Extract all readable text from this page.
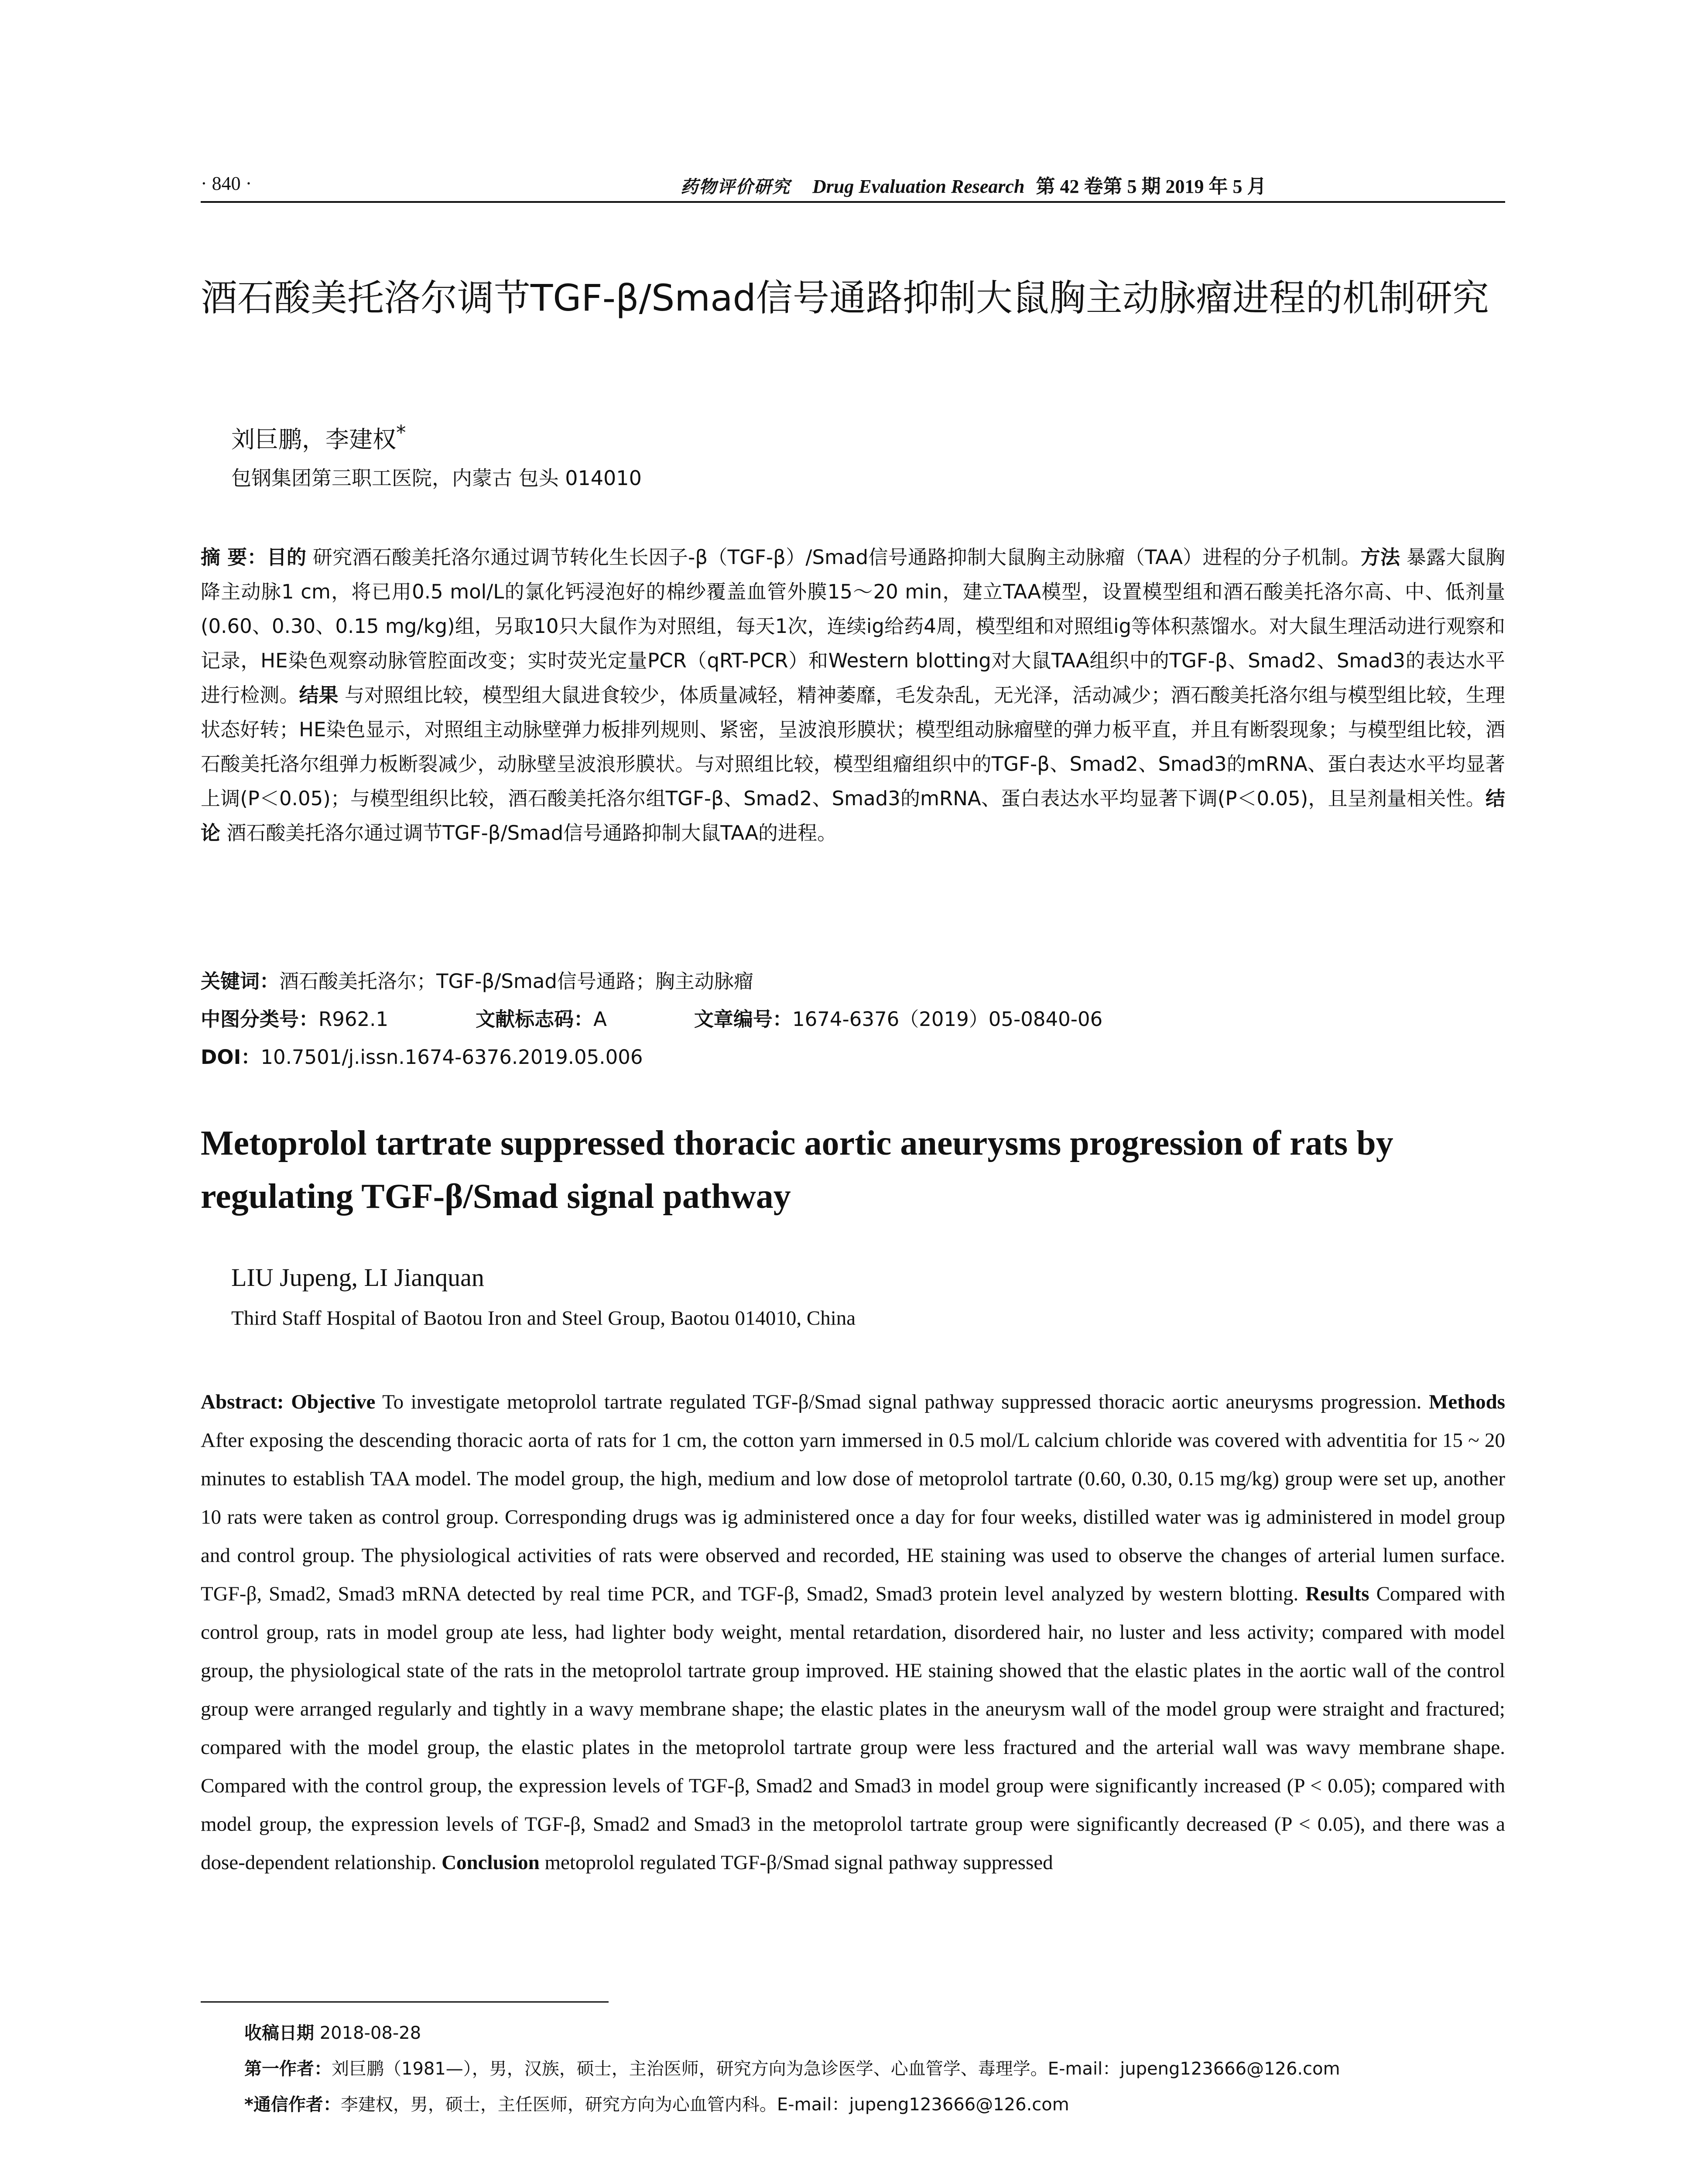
· 840 ·	药物评价研究 Drug Evaluation Research 第 42 卷第 5 期 2019 年 5 月
酒石酸美托洛尔调节TGF-β/Smad信号通路抑制大鼠胸主动脉瘤进程的机制研究
刘巨鹏，李建权*
包钢集团第三职工医院，内蒙古 包头 014010
摘 要：目的 研究酒石酸美托洛尔通过调节转化生长因子-β（TGF-β）/Smad信号通路抑制大鼠胸主动脉瘤（TAA）进程的分子机制。方法 暴露大鼠胸降主动脉1 cm，将已用0.5 mol/L的氯化钙浸泡好的棉纱覆盖血管外膜15～20 min，建立TAA模型，设置模型组和酒石酸美托洛尔高、中、低剂量(0.60、0.30、0.15 mg/kg)组，另取10只大鼠作为对照组，每天1次，连续ig给药4周，模型组和对照组ig等体积蒸馏水。对大鼠生理活动进行观察和记录，HE染色观察动脉管腔面改变；实时荧光定量PCR（qRT-PCR）和Western blotting对大鼠TAA组织中的TGF-β、Smad2、Smad3的表达水平进行检测。结果 与对照组比较，模型组大鼠进食较少，体质量减轻，精神萎靡，毛发杂乱，无光泽，活动减少；酒石酸美托洛尔组与模型组比较，生理状态好转；HE染色显示，对照组主动脉壁弹力板排列规则、紧密，呈波浪形膜状；模型组动脉瘤壁的弹力板平直，并且有断裂现象；与模型组比较，酒石酸美托洛尔组弹力板断裂减少，动脉壁呈波浪形膜状。与对照组比较，模型组瘤组织中的TGF-β、Smad2、Smad3的mRNA、蛋白表达水平均显著上调(P＜0.05)；与模型组织比较，酒石酸美托洛尔组TGF-β、Smad2、Smad3的mRNA、蛋白表达水平均显著下调(P＜0.05)，且呈剂量相关性。结论 酒石酸美托洛尔通过调节TGF-β/Smad信号通路抑制大鼠TAA的进程。
关键词：酒石酸美托洛尔；TGF-β/Smad信号通路；胸主动脉瘤
中图分类号：R962.1	文献标志码：A	文章编号：1674-6376（2019）05-0840-06
DOI：10.7501/j.issn.1674-6376.2019.05.006
Metoprolol tartrate suppressed thoracic aortic aneurysms progression of rats by regulating TGF-β/Smad signal pathway
LIU Jupeng, LI Jianquan
Third Staff Hospital of Baotou Iron and Steel Group, Baotou 014010, China
Abstract: Objective To investigate metoprolol tartrate regulated TGF-β/Smad signal pathway suppressed thoracic aortic aneurysms progression. Methods After exposing the descending thoracic aorta of rats for 1 cm, the cotton yarn immersed in 0.5 mol/L calcium chloride was covered with adventitia for 15 ~ 20 minutes to establish TAA model. The model group, the high, medium and low dose of metoprolol tartrate (0.60, 0.30, 0.15 mg/kg) group were set up, another 10 rats were taken as control group. Corresponding drugs was ig administered once a day for four weeks, distilled water was ig administered in model group and control group. The physiological activities of rats were observed and recorded, HE staining was used to observe the changes of arterial lumen surface. TGF-β, Smad2, Smad3 mRNA detected by real time PCR, and TGF-β, Smad2, Smad3 protein level analyzed by western blotting. Results Compared with control group, rats in model group ate less, had lighter body weight, mental retardation, disordered hair, no luster and less activity; compared with model group, the physiological state of the rats in the metoprolol tartrate group improved. HE staining showed that the elastic plates in the aortic wall of the control group were arranged regularly and tightly in a wavy membrane shape; the elastic plates in the aneurysm wall of the model group were straight and fractured; compared with the model group, the elastic plates in the metoprolol tartrate group were less fractured and the arterial wall was wavy membrane shape. Compared with the control group, the expression levels of TGF-β, Smad2 and Smad3 in model group were significantly increased (P < 0.05); compared with model group, the expression levels of TGF-β, Smad2 and Smad3 in the metoprolol tartrate group were significantly decreased (P < 0.05), and there was a dose-dependent relationship. Conclusion metoprolol regulated TGF-β/Smad signal pathway suppressed
收稿日期 2018-08-28
第一作者：刘巨鹏（1981—），男，汉族，硕士，主治医师，研究方向为急诊医学、心血管学、毒理学。E-mail：jupeng123666@126.com
*通信作者：李建权，男，硕士，主任医师，研究方向为心血管内科。E-mail：jupeng123666@126.com
